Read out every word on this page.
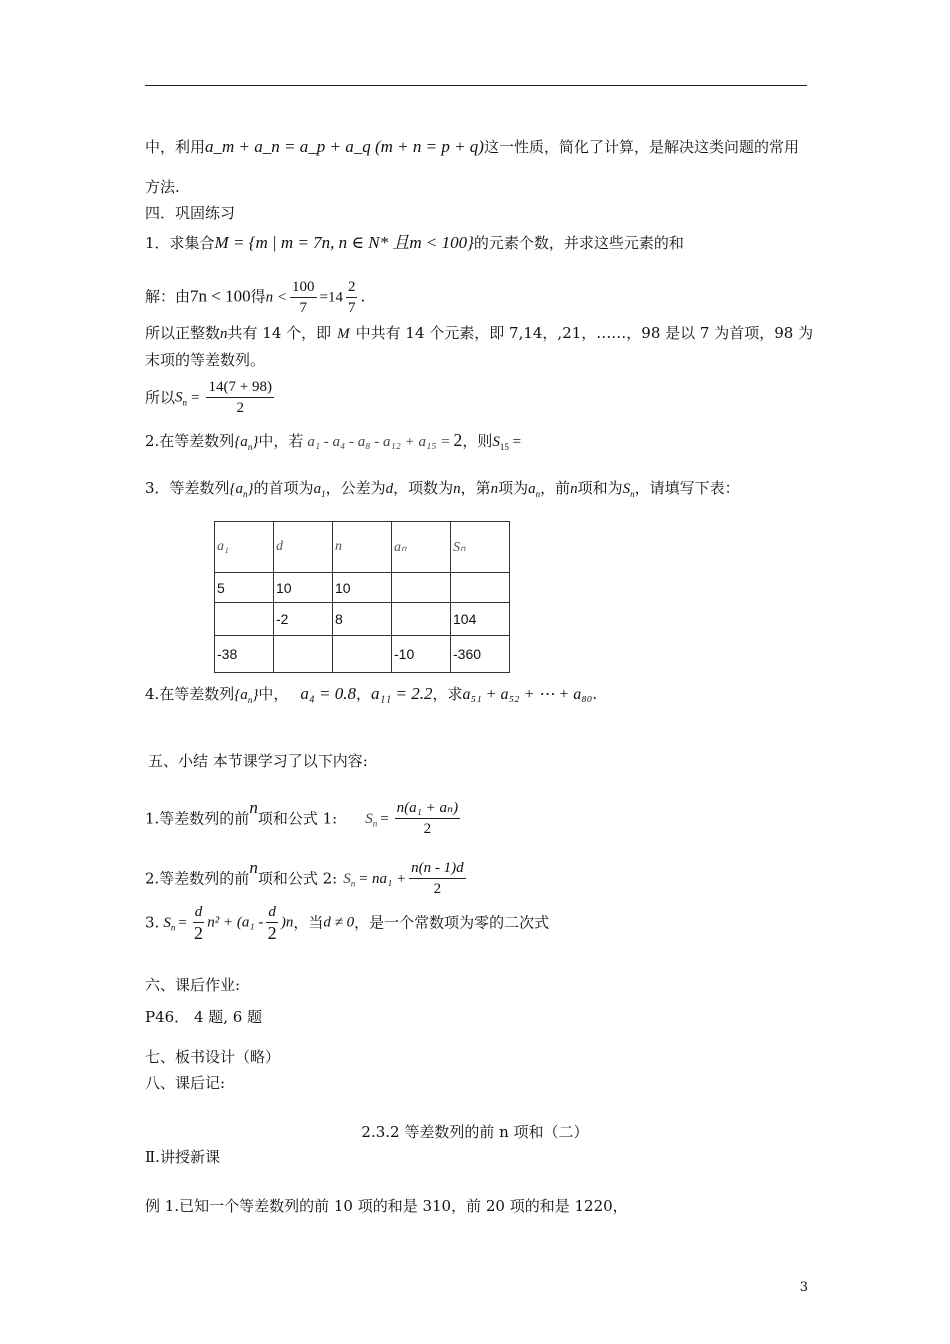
中，利用a_m + a_n = a_p + a_q (m + n = p + q)这一性质，简化了计算，是解决这类问题的常用
方法.
四．巩固练习
1．求集合M = {m | m = 7n, n ∈ N* 且m < 100}的元素个数，并求这些元素的和
解：由7n < 100得$n < \frac{100}{7} =14 \frac{2}{7}$ .
所以正整数n共有 14 个，即 M 中共有 14 个元素，即 7,14，,21，……，98 是以 7 为首项，98 为
末项的等差数列。
所以$S_n = \frac{14(7 + 98)}{2}$
2.在等差数列$\{a_n\}$中，若 a₁ - a₄ - a₈ - a₁₂ + a₁₅ = 2，则$S_{15}$ =
3．等差数列$\{a_n\}$的首项为$a_1$，公差为d，项数为n，第n项为$a_n$，前n项和为$S_n$，请填写下表：
a₁	d	n	aₙ	Sₙ
5	10	10		
	-2	8		104
-38			-10	-360
4.在等差数列$\{a_n\}$中， a₄ = 0.8，a₁₁ = 2.2，求a₅₁ + a₅₂ + ⋯ + a₈₀.
五、小结 本节课学习了以下内容:
1.等差数列的前n项和公式 1: $S_n = \frac{\text{n(a₁ + aₙ)}}{2}$
2.等差数列的前n项和公式 2: $S_n = na_1 + \frac{n(n - 1)d}{2}$
3. $S_n = \frac{d}{2} n^2 + (a_1 - \frac{d}{2} )n$，当d ≠ 0，是一个常数项为零的二次式
六、课后作业:
P46． 4 题, 6 题
七、板书设计（略）
八、课后记:
2.3.2 等差数列的前 n 项和（二）
Ⅱ.讲授新课
例 1.已知一个等差数列的前 10 项的和是 310，前 20 项的和是 1220，
3
